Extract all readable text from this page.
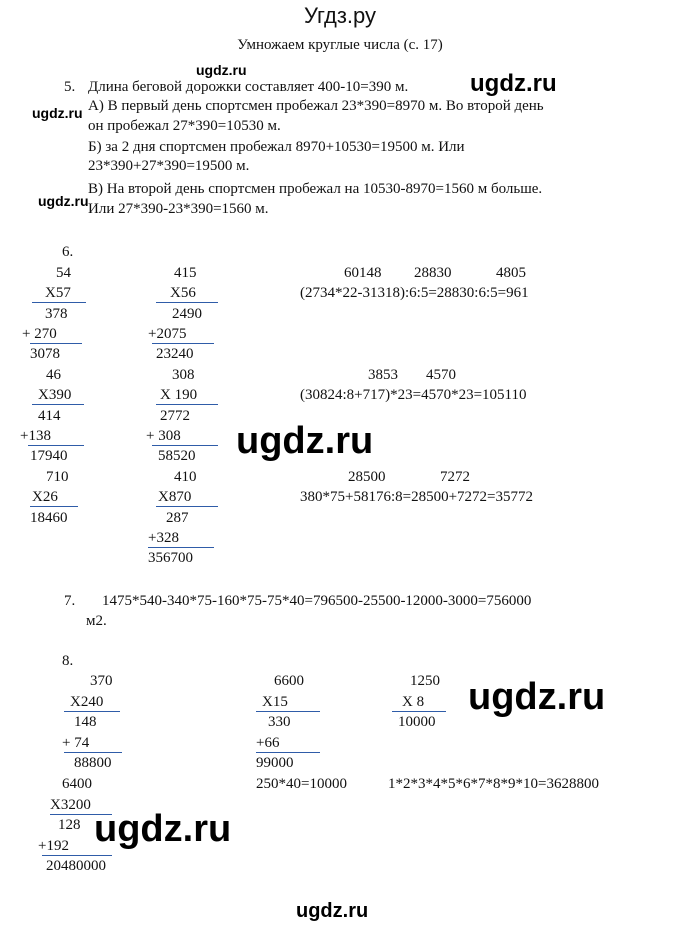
Угдз.ру
Умножаем круглые числа (с. 17)
ugdz.ru	ugdz.ru
ugdz.ru
ugdz.ru
ugdz.ru
ugdz.ru
ugdz.ru
ugdz.ru
5. Длина беговой дорожки составляет 400-10=390 м.
А) В первый день спортсмен пробежал 23*390=8970 м. Во второй день
он пробежал 27*390=10530 м.
Б) за 2 дня спортсмен пробежал 8970+10530=19500 м. Или
23*390+27*390=19500 м.
В) На второй день спортсмен пробежал на 10530-8970=1560 м больше.
Или 27*390-23*390=1560 м.
6.
54
X57
378
+ 270
3078
46
X390
414
+138
17940
710
X26
18460
415
X56
2490
+2075
23240
308
X 190
2772
+ 308
58520
410
X870
287
+328
356700
60148 28830	4805
(2734*22-31318):6:5=28830:6:5=961
3853 4570
(30824:8+717)*23=4570*23=105110
28500	7272
380*75+58176:8=28500+7272=35772
7. 1475*540-340*75-160*75-75*40=796500-25500-12000-3000=756000
м2.
8.
370
X240
148
+ 74
88800
6400
X3200
128
+192
20480000
6600
X15
330
+66
99000
250*40=10000
1250
X 8
10000
1*2*3*4*5*6*7*8*9*10=3628800
